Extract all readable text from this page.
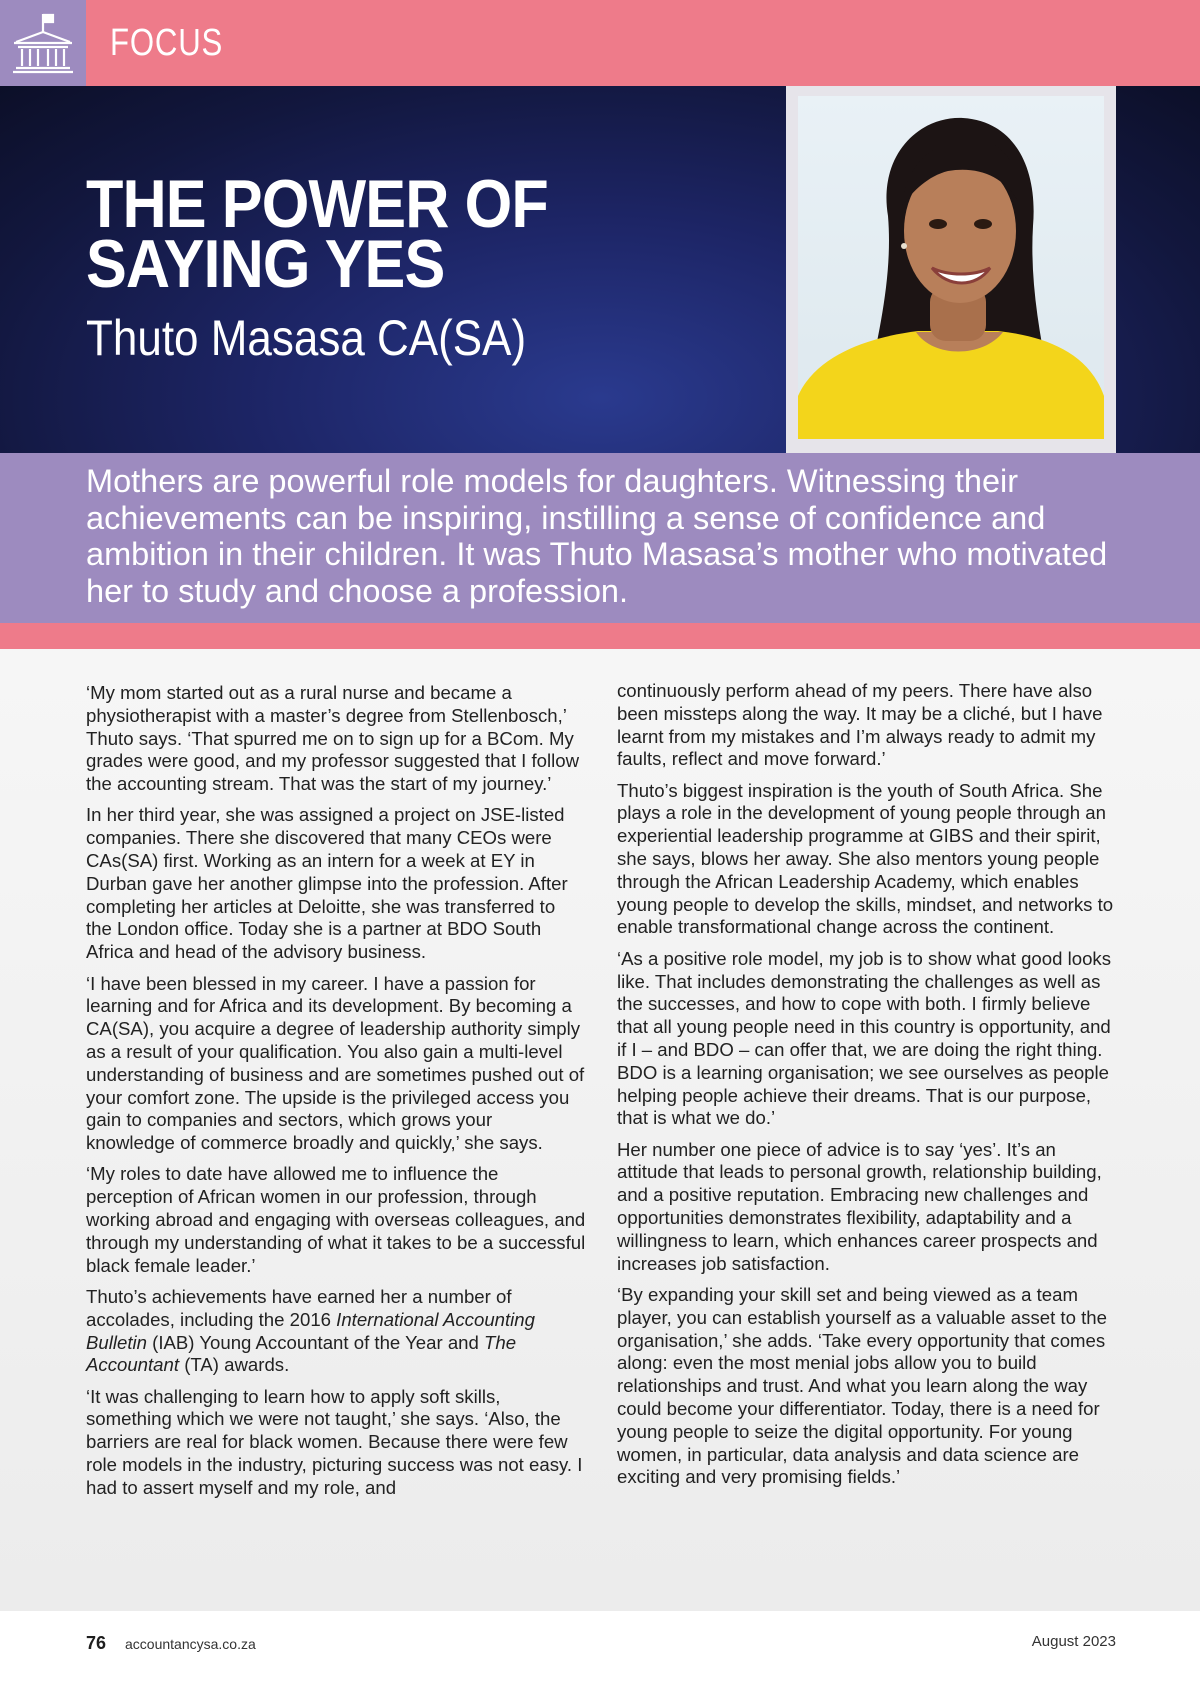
FOCUS
THE POWER OF
SAYING YES
Thuto Masasa CA(SA)

Mothers are powerful role models for daughters. Witnessing their achievements can be inspiring, instilling a sense of confidence and ambition in their children. It was Thuto Masasa’s mother who motivated her to study and choose a profession.

‘My mom started out as a rural nurse and became a physiotherapist with a master’s degree from Stellenbosch,’ Thuto says. ‘That spurred me on to sign up for a BCom. My grades were good, and my professor suggested that I follow the accounting stream. That was the start of my journey.’

In her third year, she was assigned a project on JSE-listed companies. There she discovered that many CEOs were CAs(SA) first. Working as an intern for a week at EY in Durban gave her another glimpse into the profession. After completing her articles at Deloitte, she was transferred to the London office. Today she is a partner at BDO South Africa and head of the advisory business.

‘I have been blessed in my career. I have a passion for learning and for Africa and its development. By becoming a CA(SA), you acquire a degree of leadership authority simply as a result of your qualification. You also gain a multi-level understanding of business and are sometimes pushed out of your comfort zone. The upside is the privileged access you gain to companies and sectors, which grows your knowledge of commerce broadly and quickly,’ she says.

‘My roles to date have allowed me to influence the perception of African women in our profession, through working abroad and engaging with overseas colleagues, and through my understanding of what it takes to be a successful black female leader.’

Thuto’s achievements have earned her a number of accolades, including the 2016 International Accounting Bulletin (IAB) Young Accountant of the Year and The Accountant (TA) awards.

‘It was challenging to learn how to apply soft skills, something which we were not taught,’ she says. ‘Also, the barriers are real for black women. Because there were few role models in the industry, picturing success was not easy. I had to assert myself and my role, and

continuously perform ahead of my peers. There have also been missteps along the way. It may be a cliché, but I have learnt from my mistakes and I’m always ready to admit my faults, reflect and move forward.’

Thuto’s biggest inspiration is the youth of South Africa. She plays a role in the development of young people through an experiential leadership programme at GIBS and their spirit, she says, blows her away. She also mentors young people through the African Leadership Academy, which enables young people to develop the skills, mindset, and networks to enable transformational change across the continent.

‘As a positive role model, my job is to show what good looks like. That includes demonstrating the challenges as well as the successes, and how to cope with both. I firmly believe that all young people need in this country is opportunity, and if I – and BDO – can offer that, we are doing the right thing. BDO is a learning organisation; we see ourselves as people helping people achieve their dreams. That is our purpose, that is what we do.’

Her number one piece of advice is to say ‘yes’. It’s an attitude that leads to personal growth, relationship building, and a positive reputation. Embracing new challenges and opportunities demonstrates flexibility, adaptability and a willingness to learn, which enhances career prospects and increases job satisfaction.

‘By expanding your skill set and being viewed as a team player, you can establish yourself as a valuable asset to the organisation,’ she adds. ‘Take every opportunity that comes along: even the most menial jobs allow you to build relationships and trust. And what you learn along the way could become your differentiator. Today, there is a need for young people to seize the digital opportunity. For young women, in particular, data analysis and data science are exciting and very promising fields.’

76 accountancysa.co.za	August 2023
